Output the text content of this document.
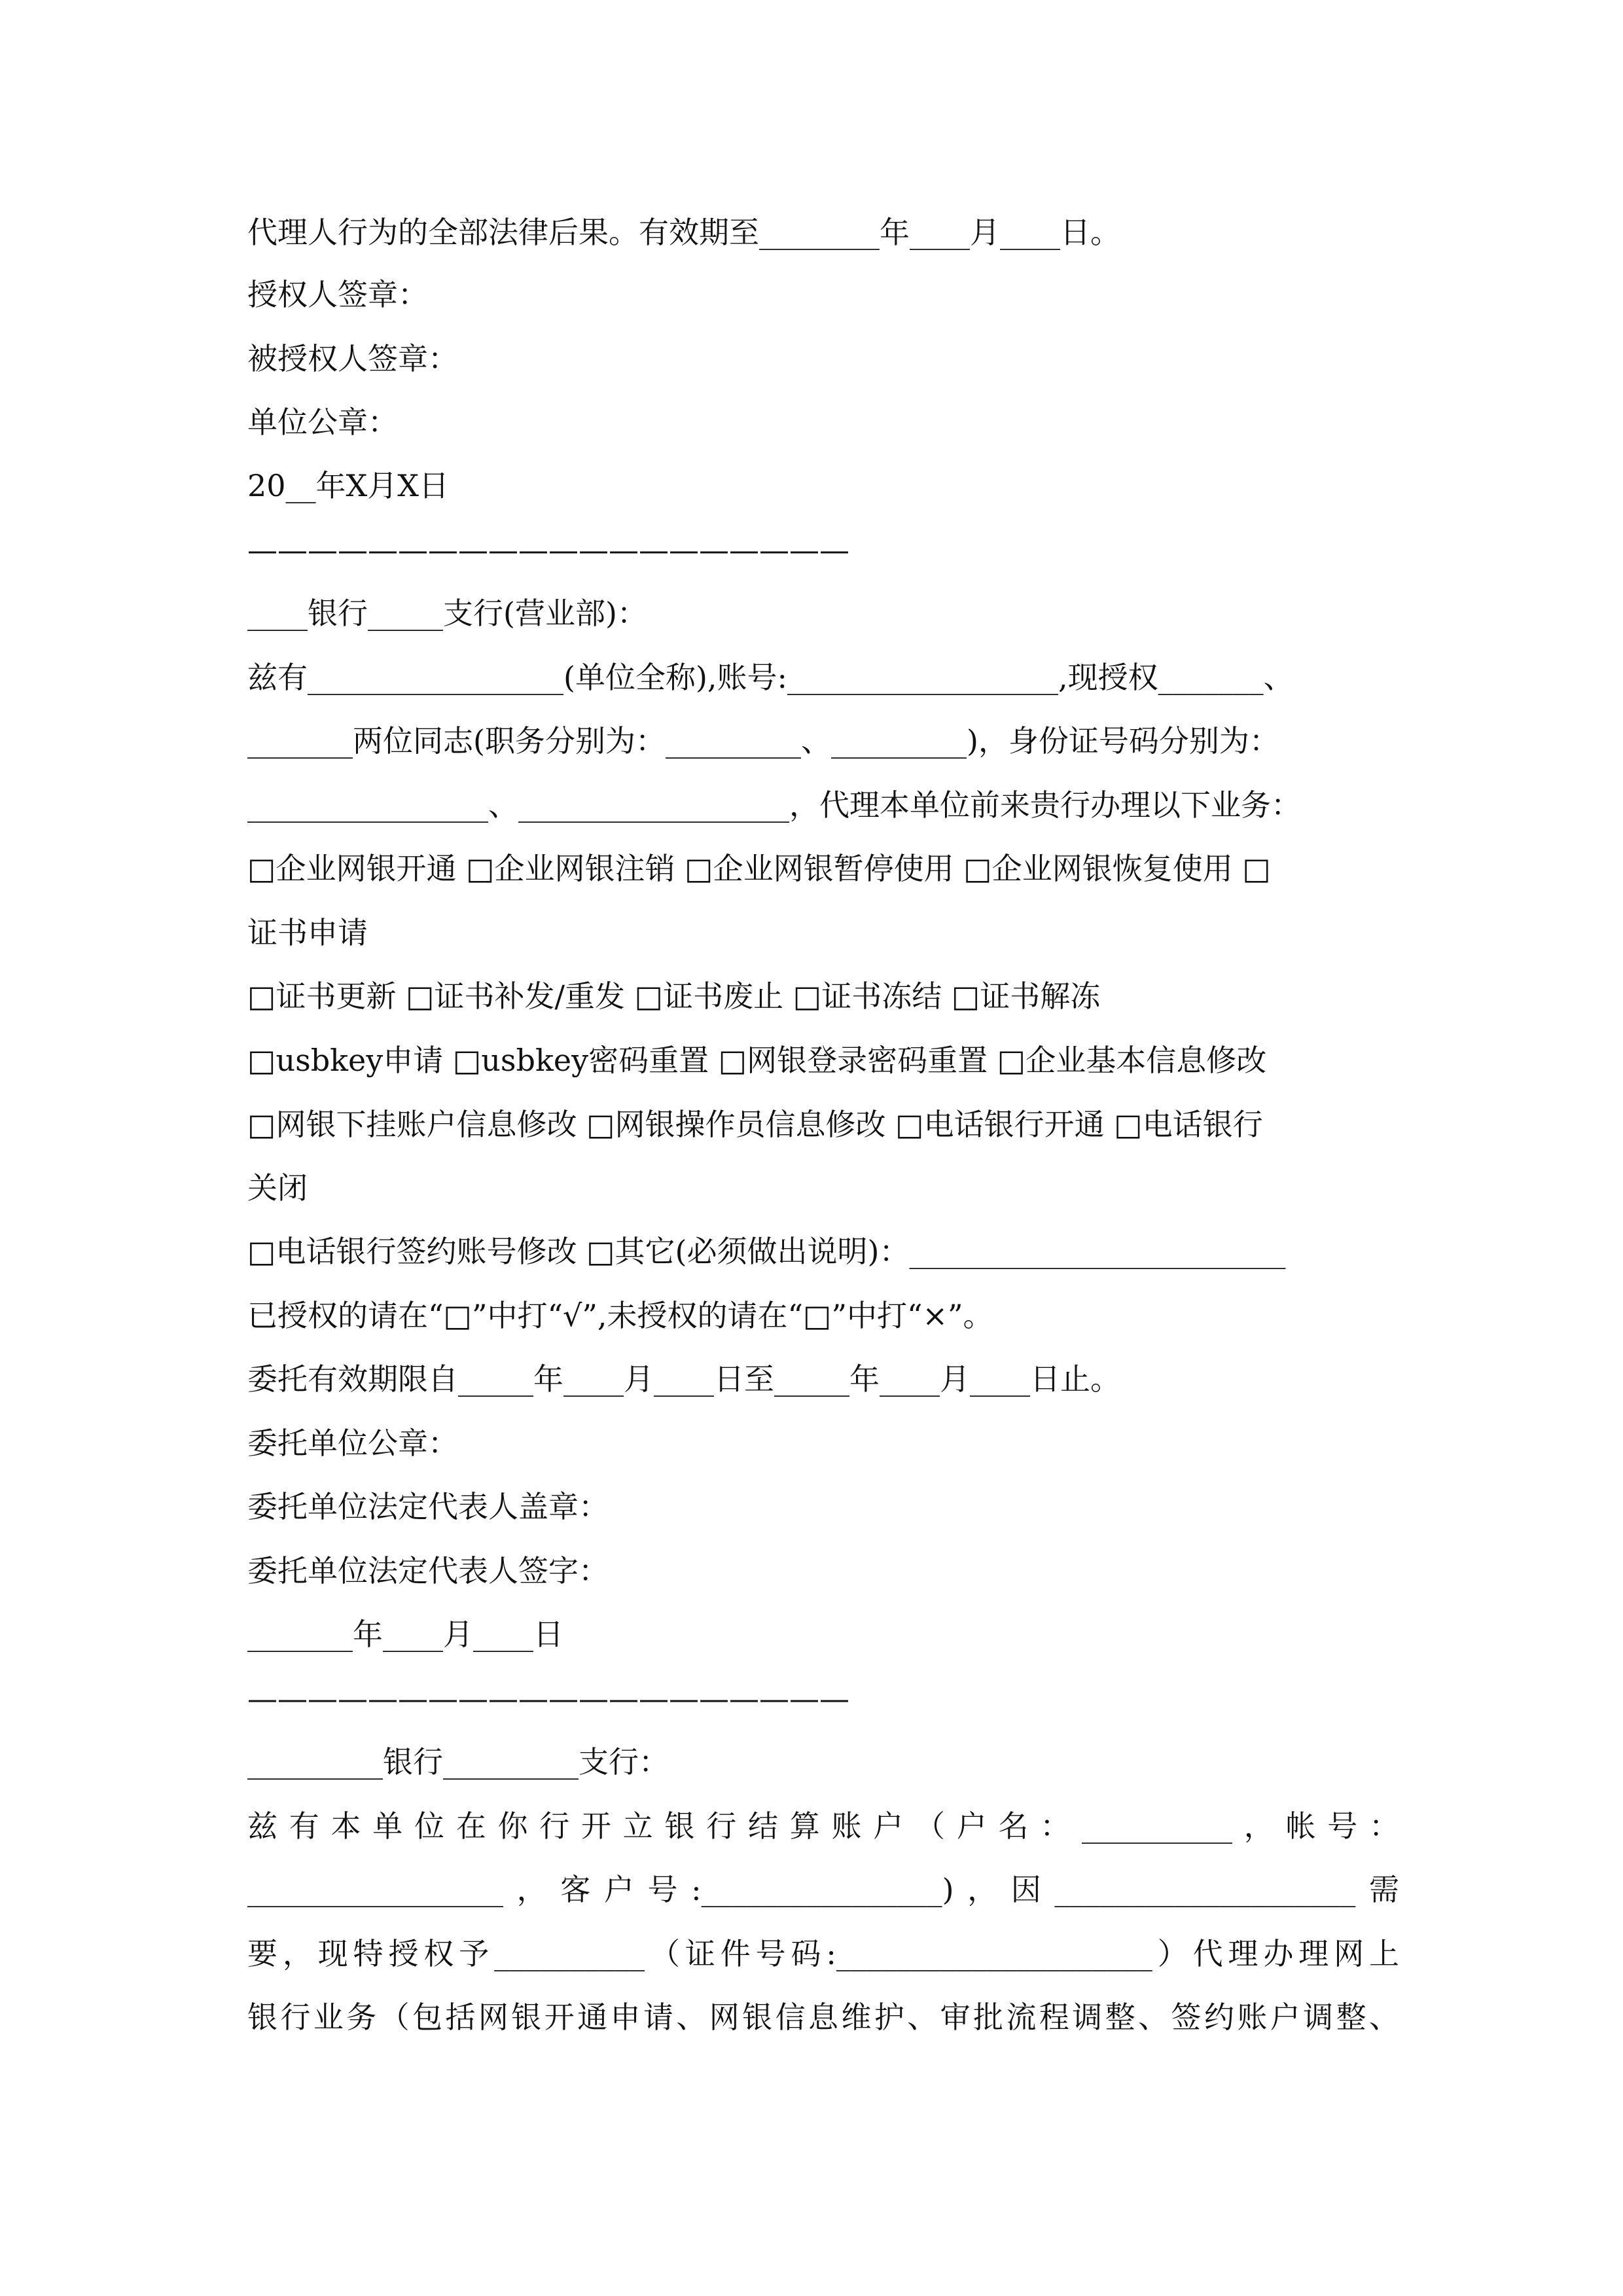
代理人行为的全部法律后果。有效期至________年____月____日。
授权人签章：
被授权人签章：
单位公章：
20__年X月X日
————————————————————
____银行_____支行(营业部)：
兹有_________________(单位全称),账号:__________________,现授权_______、
_______两位同志(职务分别为：_________、_________)，身份证号码分别为：
________________、__________________，代理本单位前来贵行办理以下业务：
□企业网银开通 □企业网银注销 □企业网银暂停使用 □企业网银恢复使用 □
证书申请
□证书更新 □证书补发/重发 □证书废止 □证书冻结 □证书解冻
□usbkey申请 □usbkey密码重置 □网银登录密码重置 □企业基本信息修改
□网银下挂账户信息修改 □网银操作员信息修改 □电话银行开通 □电话银行
关闭
□电话银行签约账号修改 □其它(必须做出说明)：_________________________
已授权的请在“□”中打“√”,未授权的请在“□”中打“×”。
委托有效期限自_____年____月____日至_____年____月____日止。
委托单位公章：
委托单位法定代表人盖章：
委托单位法定代表人签字：
_______年____月____日
————————————————————
_________银行_________支行：
兹有本单位在你行开立银行结算账户（户名：__________，帐号：
_________________，客户号:________________)，因____________________需
要，现特授权予__________（证件号码:_____________________）代理办理网上
银行业务（包括网银开通申请、网银信息维护、审批流程调整、签约账户调整、
